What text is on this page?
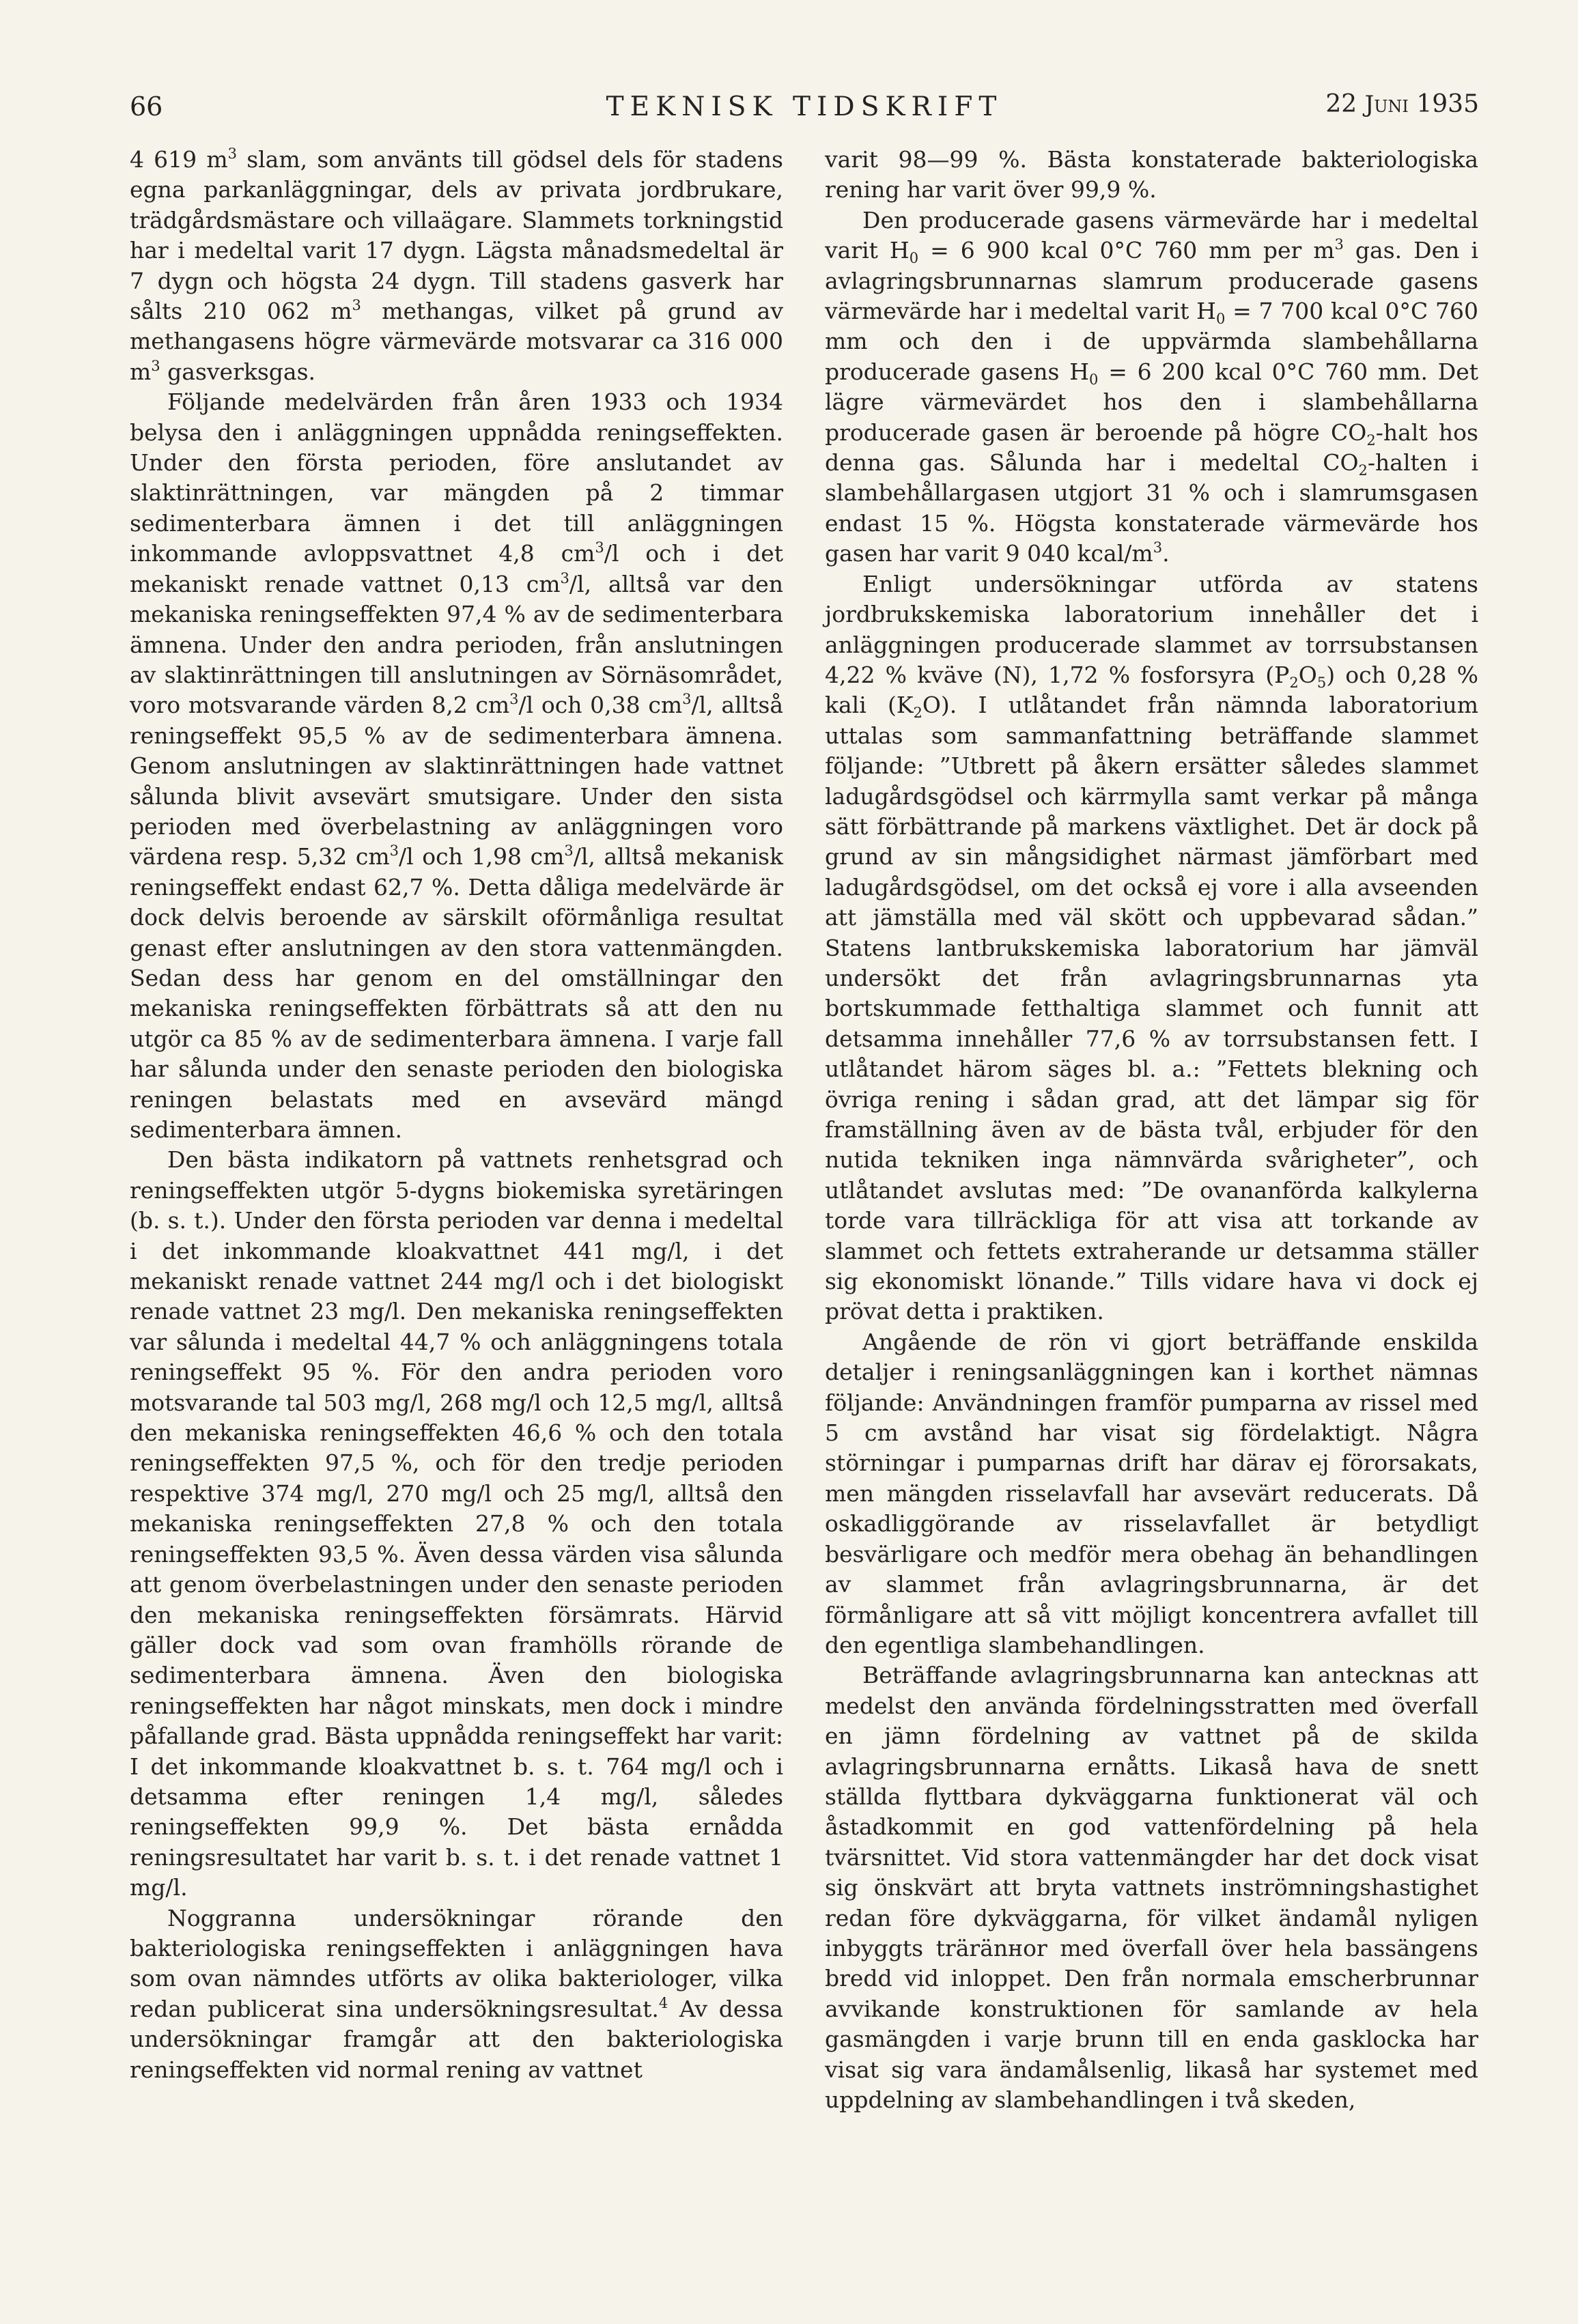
66	TEKNISK TIDSKRIFT	22 Juni 1935

4 619 $m^3$ slam, som använts till gödsel dels för stadens egna parkanläggningar, dels av privata jordbrukare, trädgårdsmästare och villaägare. Slammets torkningstid har i medeltal varit 17 dygn. Lägsta månadsmedeltal är 7 dygn och högsta 24 dygn. Till stadens gasverk har sålts 210 062 $m^3$ methangas, vilket på grund av methangasens högre värmevärde motsvarar ca 316 000 $m^3$ gasverksgas.

Följande medelvärden från åren 1933 och 1934 belysa den i anläggningen uppnådda reningseffekten. Under den första perioden, före anslutandet av slaktinrättningen, var mängden på 2 timmar sedimenterbara ämnen i det till anläggningen inkommande avloppsvattnet 4,8 $cm^3/l$ och i det mekaniskt renade vattnet 0,13 $cm^3/l$, alltså var den mekaniska reningseffekten 97,4 % av de sedimenterbara ämnena. Under den andra perioden, från anslutningen av slaktinrättningen till anslutningen av Sörnäsområdet, voro motsvarande värden 8,2 $cm^3/l$ och 0,38 $cm^3/l$, alltså reningseffekt 95,5 % av de sedimenterbara ämnena. Genom anslutningen av slaktinrättningen hade vattnet sålunda blivit avsevärt smutsigare. Under den sista perioden med överbelastning av anläggningen voro värdena resp. 5,32 $cm^3/l$ och 1,98 $cm^3/l$, alltså mekanisk reningseffekt endast 62,7 %. Detta dåliga medelvärde är dock delvis beroende av särskilt oförmånliga resultat genast efter anslutningen av den stora vattenmängden. Sedan dess har genom en del omställningar den mekaniska reningseffekten förbättrats så att den nu utgör ca 85 % av de sedimenterbara ämnena. I varje fall har sålunda under den senaste perioden den biologiska reningen belastats med en avsevärd mängd sedimenterbara ämnen.

Den bästa indikatorn på vattnets renhetsgrad och reningseffekten utgör 5-dygns biokemiska syretäringen (b. s. t.). Under den första perioden var denna i medeltal i det inkommande kloakvattnet 441 mg/l, i det mekaniskt renade vattnet 244 mg/l och i det biologiskt renade vattnet 23 mg/l. Den mekaniska reningseffekten var sålunda i medeltal 44,7 % och anläggningens totala reningseffekt 95 %. För den andra perioden voro motsvarande tal 503 mg/l, 268 mg/l och 12,5 mg/l, alltså den mekaniska reningseffekten 46,6 % och den totala reningseffekten 97,5 %, och för den tredje perioden respektive 374 mg/l, 270 mg/l och 25 mg/l, alltså den mekaniska reningseffekten 27,8 % och den totala reningseffekten 93,5 %. Även dessa värden visa sålunda att genom överbelastningen under den senaste perioden den mekaniska reningseffekten försämrats. Härvid gäller dock vad som ovan framhölls rörande de sedimenterbara ämnena. Även den biologiska reningseffekten har något minskats, men dock i mindre påfallande grad. Bästa uppnådda reningseffekt har varit: I det inkommande kloakvattnet b. s. t. 764 mg/l och i detsamma efter reningen 1,4 mg/l, således reningseffekten 99,9 %. Det bästa ernådda reningsresultatet har varit b. s. t. i det renade vattnet 1 mg/l.

Noggranna undersökningar rörande den bakteriologiska reningseffekten i anläggningen hava som ovan nämndes utförts av olika bakteriologer, vilka redan publicerat sina undersökningsresultat.$^4$ Av dessa undersökningar framgår att den bakteriologiska reningseffekten vid normal rening av vattnet

varit 98—99 %. Bästa konstaterade bakteriologiska rening har varit över 99,9 %.

Den producerade gasens värmevärde har i medeltal varit $H_0 = 6$ 900 kcal 0°C 760 mm per $m^3$ gas. Den i avlagringsbrunnarnas slamrum producerade gasens värmevärde har i medeltal varit $H_0 = 7$ 700 kcal 0°C 760 mm och den i de uppvärmda slambehållarna producerade gasens $H_0 = 6$ 200 kcal 0°C 760 mm. Det lägre värmevärdet hos den i slambehållarna producerade gasen är beroende på högre $CO_2$-halt hos denna gas. Sålunda har i medeltal $CO_2$-halten i slambehållargasen utgjort 31 % och i slamrumsgasen endast 15 %. Högsta konstaterade värmevärde hos gasen har varit 9 040 kcal/$m^3$.

Enligt undersökningar utförda av statens jordbrukskemiska laboratorium innehåller det i anläggningen producerade slammet av torrsubstansen 4,22 % kväve (N), 1,72 % fosforsyra $(P_2O_5)$ och 0,28 % kali $(K_2O)$. I utlåtandet från nämnda laboratorium uttalas som sammanfattning beträffande slammet följande: ”Utbrett på åkern ersätter således slammet ladugårdsgödsel och kärrmylla samt verkar på många sätt förbättrande på markens växtlighet. Det är dock på grund av sin mångsidighet närmast jämförbart med ladugårdsgödsel, om det också ej vore i alla avseenden att jämställa med väl skött och uppbevarad sådan.” Statens lantbrukskemiska laboratorium har jämväl undersökt det från avlagringsbrunnarnas yta bortskummade fetthaltiga slammet och funnit att detsamma innehåller 77,6 % av torrsubstansen fett. I utlåtandet härom säges bl. a.: ”Fettets blekning och övriga rening i sådan grad, att det lämpar sig för framställning även av de bästa tvål, erbjuder för den nutida tekniken inga nämnvärda svårigheter”, och utlåtandet avslutas med: ”De ovananförda kalkylerna torde vara tillräckliga för att visa att torkande av slammet och fettets extraherande ur detsamma ställer sig ekonomiskt lönande.” Tills vidare hava vi dock ej prövat detta i praktiken.

Angående de rön vi gjort beträffande enskilda detaljer i reningsanläggningen kan i korthet nämnas följande: Användningen framför pumparna av rissel med 5 cm avstånd har visat sig fördelaktigt. Några störningar i pumparnas drift har därav ej förorsakats, men mängden risselavfall har avsevärt reducerats. Då oskadliggörande av risselavfallet är betydligt besvärligare och medför mera obehag än behandlingen av slammet från avlagringsbrunnarna, är det förmånligare att så vitt möjligt koncentrera avfallet till den egentliga slambehandlingen.

Beträffande avlagringsbrunnarna kan antecknas att medelst den använda fördelningsstratten med överfall en jämn fördelning av vattnet på de skilda avlagringsbrunnarna ernåtts. Likaså hava de snett ställda flyttbara dykväggarna funktionerat väl och åstadkommit en god vattenfördelning på hela tvärsnittet. Vid stora vattenmängder har det dock visat sig önskvärt att bryta vattnets inströmningshastighet redan före dykväggarna, för vilket ändamål nyligen inbyggts träränнor med överfall över hela bassängens bredd vid inloppet. Den från normala emscherbrunnar avvikande konstruktionen för samlande av hela gasmängden i varje brunn till en enda gasklocka har visat sig vara ändamålsenlig, likaså har systemet med uppdelning av slambehandlingen i två skeden,
